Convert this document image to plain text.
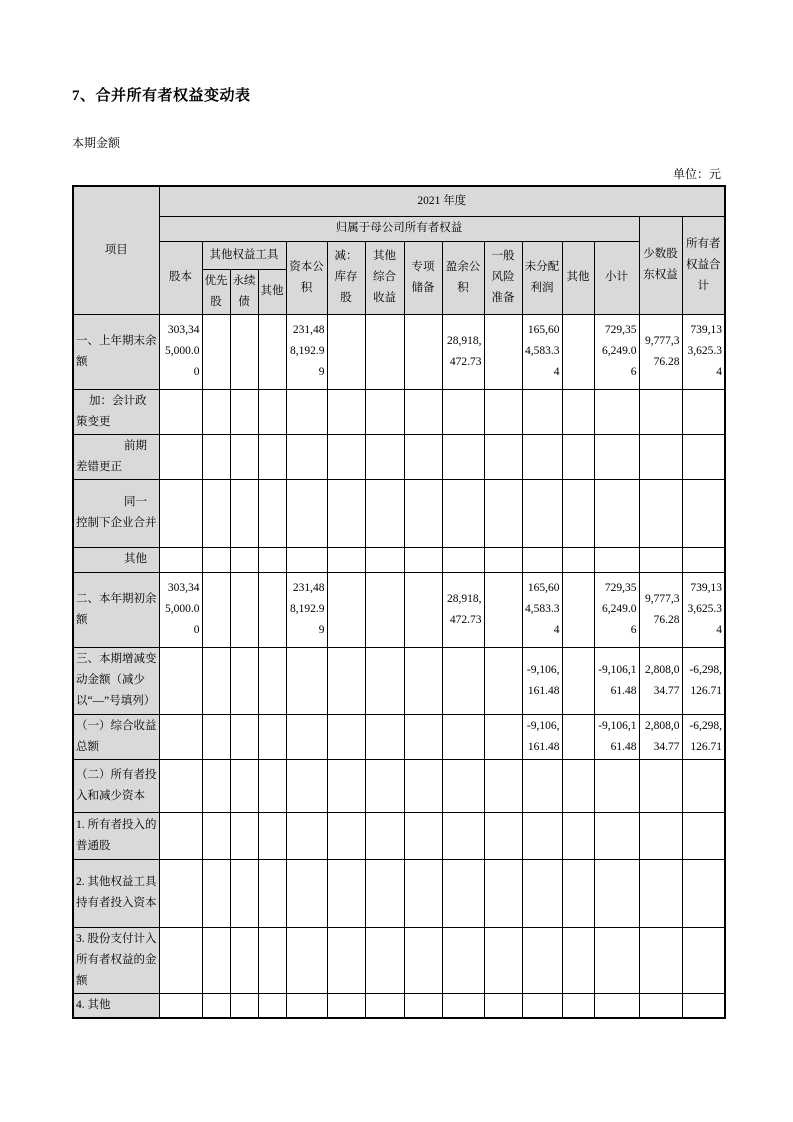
7、合并所有者权益变动表
本期金额
单位：元
项目	2021 年度														
	归属于母公司所有者权益													少数股东权益	所有者权益合计
	股本	其他权益工具			资本公积	减：库存股	其他综合收益	专项储备	盈余公积	一般风险准备	未分配利润	其他	小计		
		优先股	永续债	其他											
一、上年期末余额	303,345,000.00				231,488,192.99				28,918,472.73		165,604,583.34		729,356,249.06	9,777,376.28	739,133,625.34
加：会计政策变更															
前期差错更正															
同一控制下企业合并															
其他															
二、本年期初余额	303,345,000.00				231,488,192.99				28,918,472.73		165,604,583.34		729,356,249.06	9,777,376.28	739,133,625.34
三、本期增减变动金额（减少以“—”号填列）											-9,106,161.48		-9,106,161.48	2,808,034.77	-6,298,126.71
（一）综合收益总额											-9,106,161.48		-9,106,161.48	2,808,034.77	-6,298,126.71
（二）所有者投入和减少资本															
1. 所有者投入的普通股															
2. 其他权益工具持有者投入资本															
3. 股份支付计入所有者权益的金额															
4. 其他															
